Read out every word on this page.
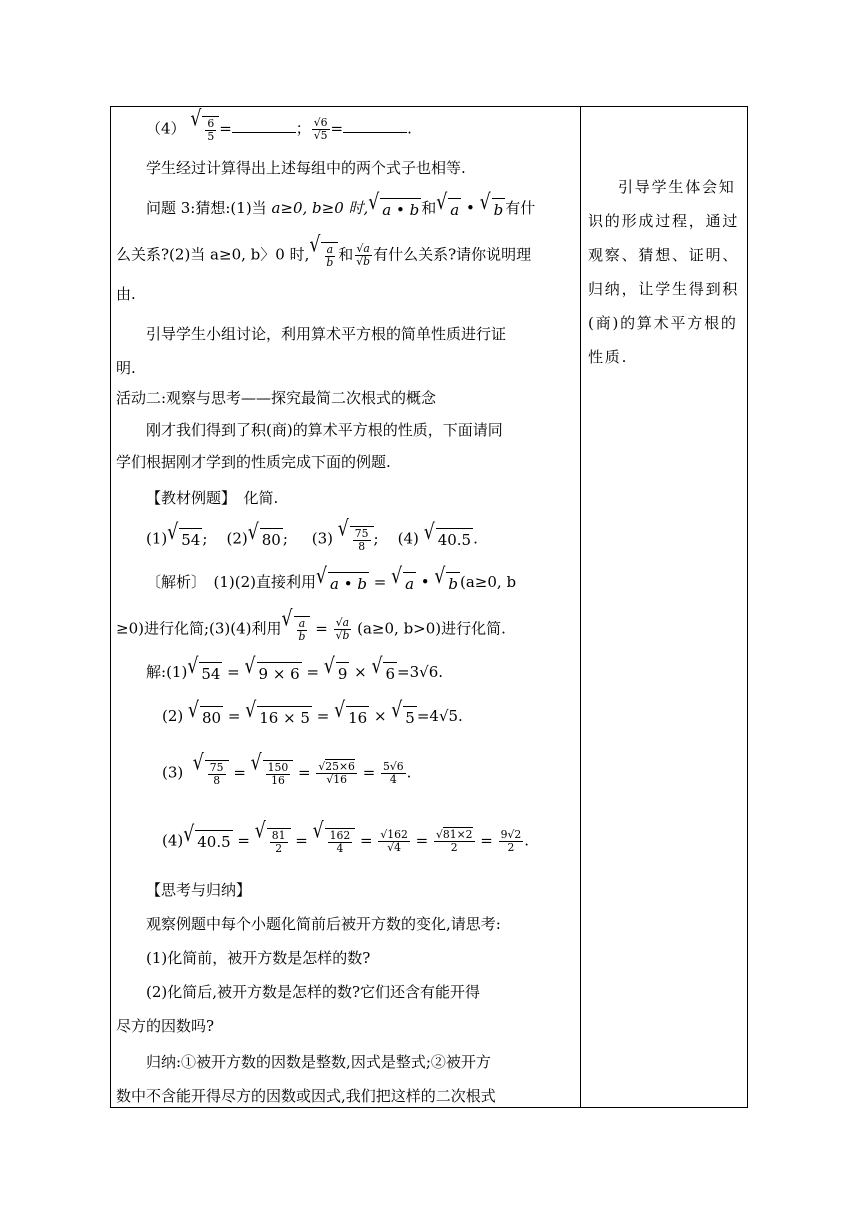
（4） √ $\frac{6}{5}$ =	； $\frac{√6}{√5}$ =	.
学生经过计算得出上述每组中的两个式子也相等.
问题 3:猜想:(1)当 a≥0, b≥0 时, √ a • b 和 √ a • √ b 有什
么关系?(2)当 a≥0, b〉0 时, √ $\frac{a}{b}$ 和 $\frac{√a}{√b}$ 有什么关系?请你说明理
由.
引导学生小组讨论，利用算术平方根的简单性质进行证
明.
活动二:观察与思考——探究最简二次根式的概念
刚才我们得到了积(商)的算术平方根的性质，下面请同
学们根据刚才学到的性质完成下面的例题.
【教材例题】　化简.
(1) √ 54 ;    (2) √ 80 ;     (3) √ $\frac{75}{8}$ ;    (4) √ 40.5 .
〔解析〕　(1)(2)直接利用 √ a • b = √ a • √ b (a≥0, b
≥0)进行化简;(3)(4)利用 √ $\frac{a}{b} = \frac{√a}{√b} (a\ge 0$, b>0)进行化简.
解:(1) √ 54 = √ 9 × 6 = √ 9 × √ 6 =3√6.
(2) √ 80 = √ 16 × 5 = √ 16 × √ 5 =4√5.
(3) √ $\frac{75}{8}$ = √ $\frac{150}{16} = \frac{√25\times 6}{√16} = \frac{5√6}{4}$ .
(4) √ 40.5 = √ $\frac{81}{2}$ = √ $\frac{162}{4} = \frac{√162}{√4} = \frac{√81\times 2}{2} = \frac{9√2}{2}$ .
【思考与归纳】
观察例题中每个小题化简前后被开方数的变化,请思考:
(1)化简前，被开方数是怎样的数?
(2)化简后,被开方数是怎样的数?它们还含有能开得
尽方的因数吗?
归纳:①被开方数的因数是整数,因式是整式;②被开方
数中不含能开得尽方的因数或因式,我们把这样的二次根式
引导学生体会知识的形成过程，通过观察、猜想、证明、归纳，让学生得到积(商)的算术平方根的性质.
